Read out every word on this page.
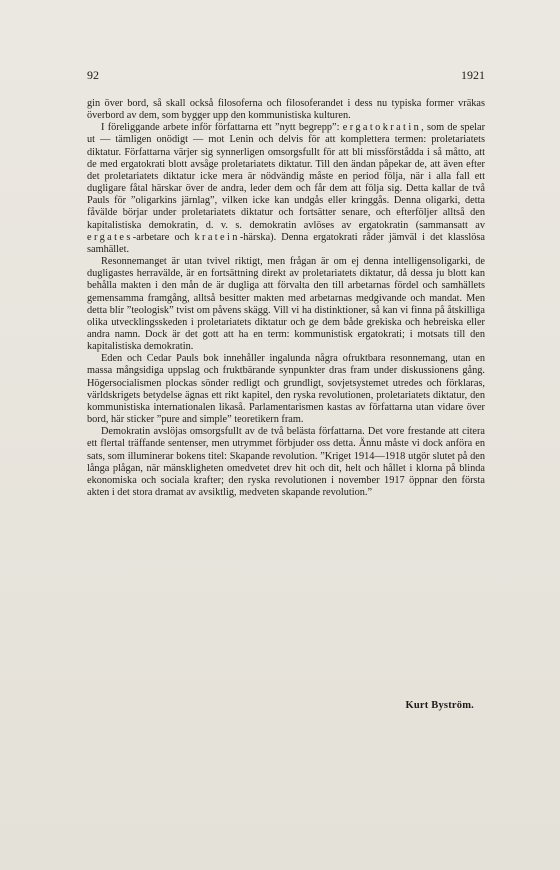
92	1921

gin över bord, så skall också filosoferna och filosoferandet i dess nu typiska former vräkas överbord av dem, som bygger upp den kommunistiska kulturen.

I föreliggande arbete inför författarna ett ”nytt begrepp”: ergatokratin, som de spelar ut — tämligen onödigt — mot Lenin och delvis för att komplettera termen: proletariatets diktatur. Författarna värjer sig synnerligen omsorgsfullt för att bli missförstådda i så måtto, att de med ergatokrati blott avsåge proletariatets diktatur. Till den ändan påpekar de, att även efter det proletariatets diktatur icke mera är nödvändig måste en period följa, när i alla fall ett dugligare fåtal härskar över de andra, leder dem och får dem att följa sig. Detta kallar de två Pauls för ”oligarkins järnlag”, vilken icke kan undgås eller kringgås. Denna oligarki, detta fåvälde börjar under proletariatets diktatur och fortsätter senare, och efterföljer alltså den kapitalistiska demokratin, d. v. s. demokratin avlöses av ergatokratin (sammansatt av ergates-arbetare och kratein-härska). Denna ergatokrati råder jämväl i det klasslösa samhället.

Resonnemanget är utan tvivel riktigt, men frågan är om ej denna intelligensoligarki, de dugligastes herravälde, är en fortsättning direkt av proletariatets diktatur, då dessa ju blott kan behålla makten i den mån de är dugliga att förvalta den till arbetarnas fördel och samhällets gemensamma framgång, alltså besitter makten med arbetarnas medgivande och mandat. Men detta blir ”teologisk” tvist om påvens skägg. Vill vi ha distinktioner, så kan vi finna på åtskilliga olika utvecklingsskeden i proletariatets diktatur och ge dem både grekiska och hebreiska eller andra namn. Dock är det gott att ha en term: kommunistisk ergatokrati; i motsats till den kapitalistiska demokratin.

Eden och Cedar Pauls bok innehåller ingalunda några ofruktbara resonnemang, utan en massa mångsidiga uppslag och fruktbärande synpunkter dras fram under diskussionens gång. Högersocialismen plockas sönder redligt och grundligt, sovjetsystemet utredes och förklaras, världskrigets betydelse ägnas ett rikt kapitel, den ryska revolutionen, proletariatets diktatur, den kommunistiska internationalen likaså. Parlamentarismen kastas av författarna utan vidare över bord, här sticker ”pure and simple” teoretikern fram.

Demokratin avslöjas omsorgsfullt av de två belästa författarna. Det vore frestande att citera ett flertal träffande sentenser, men utrymmet förbjuder oss detta. Ännu måste vi dock anföra en sats, som illuminerar bokens titel: Skapande revolution. ”Kriget 1914—1918 utgör slutet på den långa plågan, när mänskligheten omedvetet drev hit och dit, helt och hållet i klorna på blinda ekonomiska och sociala krafter; den ryska revolutionen i november 1917 öppnar den första akten i det stora dramat av avsiktlig, medveten skapande revolution.”

Kurt Byström.
